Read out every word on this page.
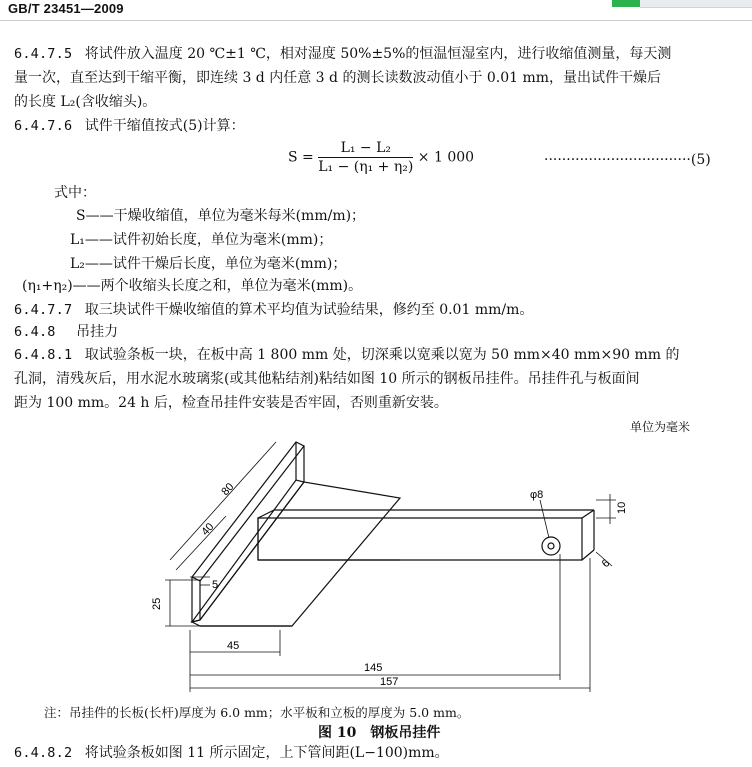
GB/T 23451—2009
6.4.7.5 将试件放入温度 20 ℃±1 ℃，相对湿度 50%±5%的恒温恒湿室内，进行收缩值测量，每天测
量一次，直至达到干缩平衡，即连续 3 d 内任意 3 d 的测长读数波动值小于 0.01 mm，量出试件干燥后
的长度 L₂(含收缩头)。
6.4.7.6 试件干缩值按式(5)计算：
$S = \frac{\text{L₁ − L₂}}{\text{L₁ − (η₁ + η₂)}} \times 1$ 000	·································(5)
式中：
S——干燥收缩值，单位为毫米每米(mm/m)；
L₁——试件初始长度，单位为毫米(mm)；
L₂——试件干燥后长度，单位为毫米(mm)；
(η₁+η₂)——两个收缩头长度之和，单位为毫米(mm)。
6.4.7.7 取三块试件干燥收缩值的算术平均值为试验结果，修约至 0.01 mm/m。
6.4.8 吊挂力
6.4.8.1 取试验条板一块，在板中高 1 800 mm 处，切深乘以宽乘以宽为 50 mm×40 mm×90 mm 的
孔洞，清残灰后，用水泥水玻璃浆(或其他粘结剂)粘结如图 10 所示的钢板吊挂件。吊挂件孔与板面间
距为 100 mm。24 h 后，检查吊挂件安装是否牢固，否则重新安装。
单位为毫米
80
40
5
25
45
145
157
10
6
φ8
注：吊挂件的长板(长杆)厚度为 6.0 mm；水平板和立板的厚度为 5.0 mm。
图 10　钢板吊挂件
6.4.8.2 将试验条板如图 11 所示固定，上下管间距(L−100)mm。
